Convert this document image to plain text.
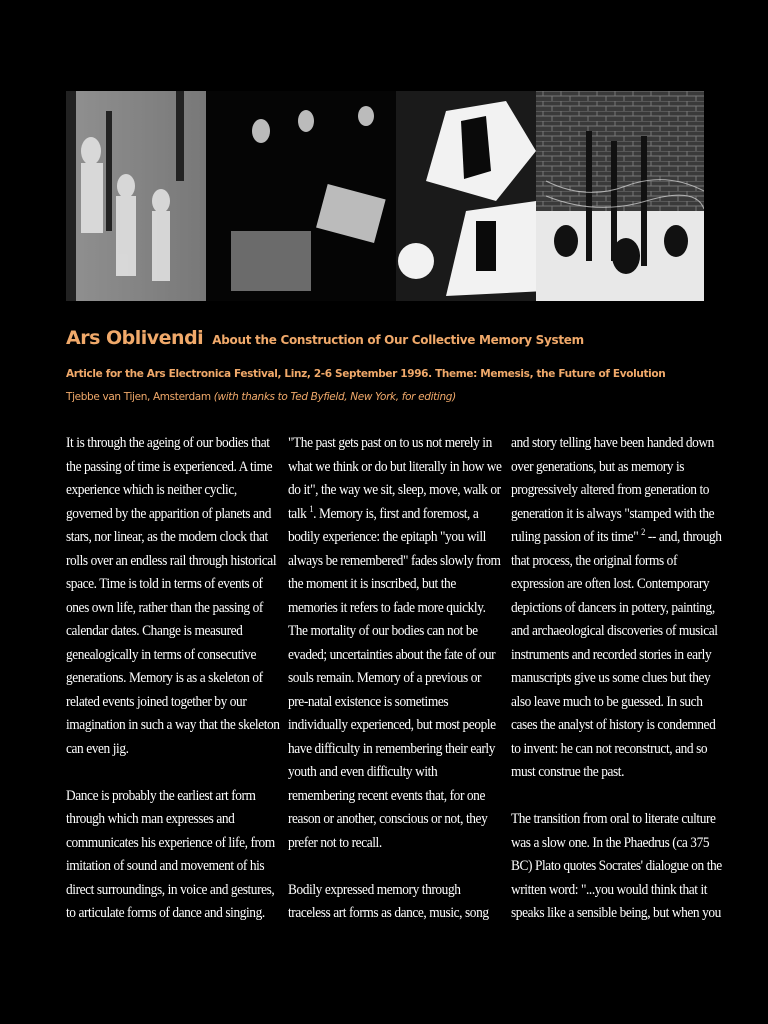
Ars Oblivendi About the Construction of Our Collective Memory System
Article for the Ars Electronica Festival, Linz, 2-6 September 1996. Theme: Memesis, the Future of Evolution
Tjebbe van Tijen, Amsterdam (with thanks to Ted Byfield, New York, for editing)
It is through the ageing of our bodies that
the passing of time is experienced. A time
experience which is neither cyclic,
governed by the apparition of planets and
stars, nor linear, as the modern clock that
rolls over an endless rail through historical
space. Time is told in terms of events of
ones own life, rather than the passing of
calendar dates. Change is measured
genealogically in terms of consecutive
generations. Memory is as a skeleton of
related events joined together by our
imagination in such a way that the skeleton
can even jig.
Dance is probably the earliest art form
through which man expresses and
communicates his experience of life, from
imitation of sound and movement of his
direct surroundings, in voice and gestures,
to articulate forms of dance and singing.
"The past gets past on to us not merely in
what we think or do but literally in how we
do it", the way we sit, sleep, move, walk or
talk $^1$. Memory is, first and foremost, a
bodily experience: the epitaph "you will
always be remembered" fades slowly from
the moment it is inscribed, but the
memories it refers to fade more quickly.
The mortality of our bodies can not be
evaded; uncertainties about the fate of our
souls remain. Memory of a previous or
pre-natal existence is sometimes
individually experienced, but most people
have difficulty in remembering their early
youth and even difficulty with
remembering recent events that, for one
reason or another, conscious or not, they
prefer not to recall.
Bodily expressed memory through
traceless art forms as dance, music, song
and story telling have been handed down
over generations, but as memory is
progressively altered from generation to
generation it is always "stamped with the
ruling passion of its time" $^2$ -- and, through
that process, the original forms of
expression are often lost. Contemporary
depictions of dancers in pottery, painting,
and archaeological discoveries of musical
instruments and recorded stories in early
manuscripts give us some clues but they
also leave much to be guessed. In such
cases the analyst of history is condemned
to invent: he can not reconstruct, and so
must construe the past.
The transition from oral to literate culture
was a slow one. In the Phaedrus (ca 375
BC) Plato quotes Socrates' dialogue on the
written word: "...you would think that it
speaks like a sensible being, but when you
